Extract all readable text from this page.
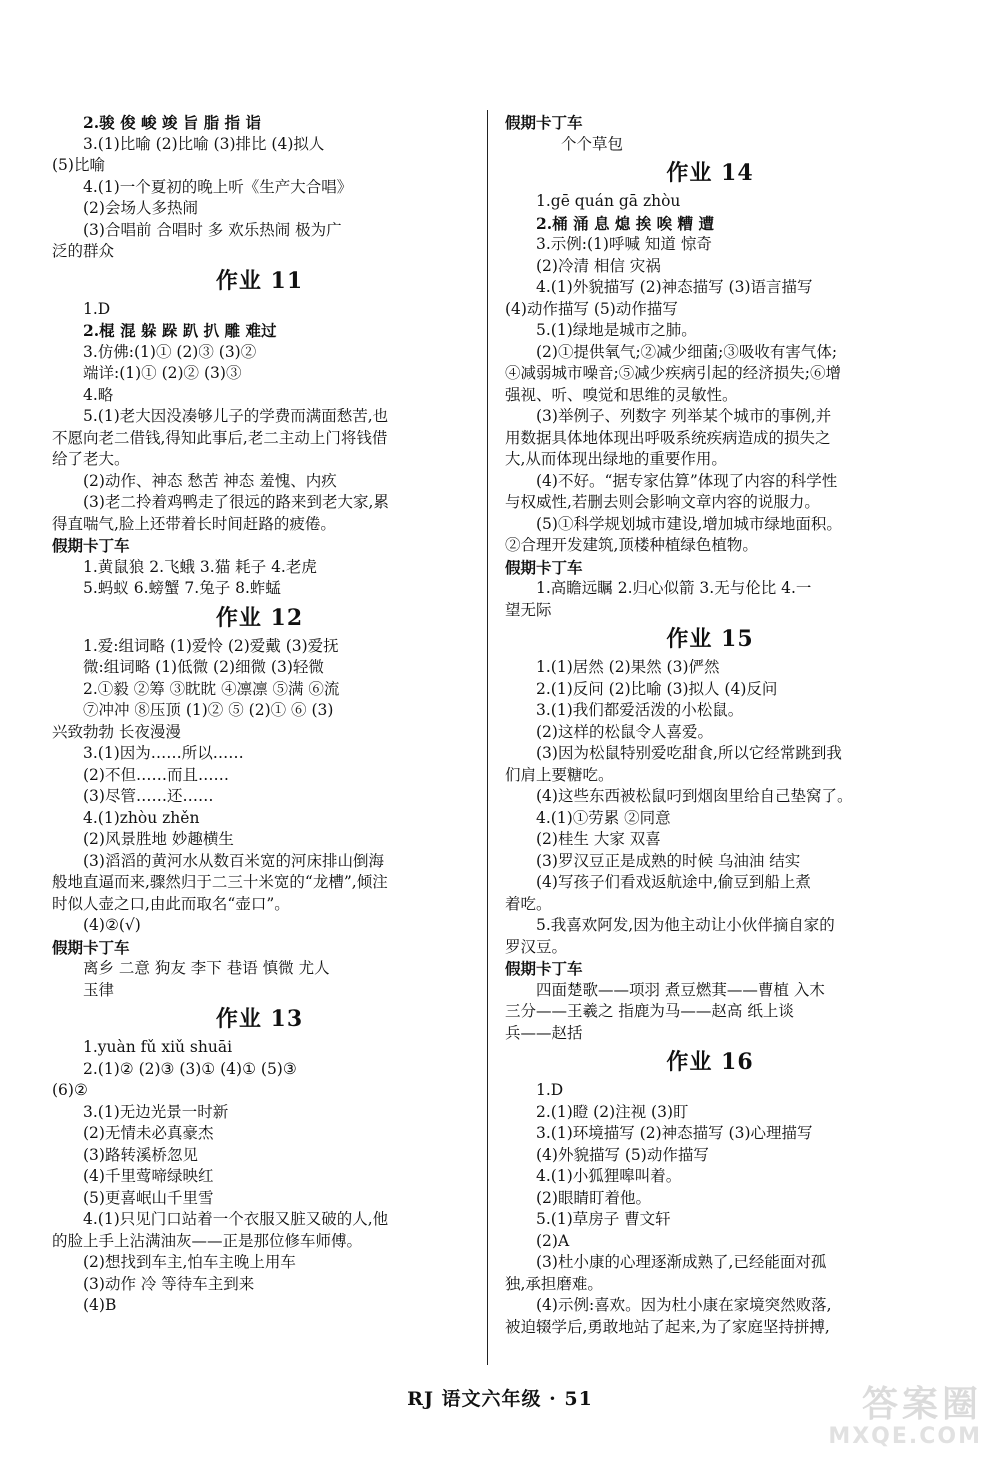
2.骏 俊 峻 竣 旨 脂 指 诣
3.(1)比喻 (2)比喻 (3)排比 (4)拟人
(5)比喻
4.(1)一个夏初的晚上听《生产大合唱》
(2)会场人多热闹
(3)合唱前 合唱时 多 欢乐热闹 极为广
泛的群众
作业 11
1.D
2.棍 混 躲 跺 趴 扒 雕 难过
3.仿佛:(1)① (2)③ (3)②
端详:(1)① (2)② (3)③
4.略
5.(1)老大因没凑够儿子的学费而满面愁苦,也
不愿向老二借钱,得知此事后,老二主动上门将钱借
给了老大。
(2)动作、神态 愁苦 神态 羞愧、内疚
(3)老二拎着鸡鸭走了很远的路来到老大家,累
得直喘气,脸上还带着长时间赶路的疲倦。
假期卡丁车
1.黄鼠狼 2.飞蛾 3.猫 耗子 4.老虎
5.蚂蚁 6.螃蟹 7.兔子 8.蚱蜢
作业 12
1.爱:组词略 (1)爱怜 (2)爱戴 (3)爱抚
微:组词略 (1)低微 (2)细微 (3)轻微
2.①毅 ②筹 ③眈眈 ④凛凛 ⑤满 ⑥流
⑦冲冲 ⑧压顶 (1)② ⑤ (2)① ⑥ (3)
兴致勃勃 长夜漫漫
3.(1)因为……所以……
(2)不但……而且……
(3)尽管……还……
4.(1)zhòu zhěn
(2)风景胜地 妙趣横生
(3)滔滔的黄河水从数百米宽的河床排山倒海
般地直逼而来,骤然归于二三十米宽的“龙槽”,倾注
时似人壶之口,由此而取名“壶口”。
(4)②(√)
假期卡丁车
离乡 二意 狗友 李下 巷语 慎微 尤人
玉律
作业 13
1.yuàn fǔ xiǔ shuāi
2.(1)② (2)③ (3)① (4)① (5)③
(6)②
3.(1)无边光景一时新
(2)无情未必真豪杰
(3)路转溪桥忽见
(4)千里莺啼绿映红
(5)更喜岷山千里雪
4.(1)只见门口站着一个衣服又脏又破的人,他
的脸上手上沾满油灰——正是那位修车师傅。
(2)想找到车主,怕车主晚上用车
(3)动作 冷 等待车主到来
(4)B
假期卡丁车
个个草包
作业 14
1.gē quán gā zhòu
2.桶 涌 息 熄 挨 唉 糟 遭
3.示例:(1)呼喊 知道 惊奇
(2)冷清 相信 灾祸
4.(1)外貌描写 (2)神态描写 (3)语言描写
(4)动作描写 (5)动作描写
5.(1)绿地是城市之肺。
(2)①提供氧气;②减少细菌;③吸收有害气体;
④减弱城市噪音;⑤减少疾病引起的经济损失;⑥增
强视、听、嗅觉和思维的灵敏性。
(3)举例子、列数字 列举某个城市的事例,并
用数据具体地体现出呼吸系统疾病造成的损失之
大,从而体现出绿地的重要作用。
(4)不好。“据专家估算”体现了内容的科学性
与权威性,若删去则会影响文章内容的说服力。
(5)①科学规划城市建设,增加城市绿地面积。
②合理开发建筑,顶楼种植绿色植物。
假期卡丁车
1.高瞻远瞩 2.归心似箭 3.无与伦比 4.一
望无际
作业 15
1.(1)居然 (2)果然 (3)俨然
2.(1)反问 (2)比喻 (3)拟人 (4)反问
3.(1)我们都爱活泼的小松鼠。
(2)这样的松鼠令人喜爱。
(3)因为松鼠特别爱吃甜食,所以它经常跳到我
们肩上要糖吃。
(4)这些东西被松鼠叼到烟囱里给自己垫窝了。
4.(1)①劳累 ②同意
(2)桂生 大家 双喜
(3)罗汉豆正是成熟的时候 乌油油 结实
(4)写孩子们看戏返航途中,偷豆到船上煮
着吃。
5.我喜欢阿发,因为他主动让小伙伴摘自家的
罗汉豆。
假期卡丁车
四面楚歌——项羽 煮豆燃萁——曹植 入木
三分——王羲之 指鹿为马——赵高 纸上谈
兵——赵括
作业 16
1.D
2.(1)瞪 (2)注视 (3)盯
3.(1)环境描写 (2)神态描写 (3)心理描写
(4)外貌描写 (5)动作描写
4.(1)小狐狸嗥叫着。
(2)眼睛盯着他。
5.(1)草房子 曹文轩
(2)A
(3)杜小康的心理逐渐成熟了,已经能面对孤
独,承担磨难。
(4)示例:喜欢。因为杜小康在家境突然败落,
被迫辍学后,勇敢地站了起来,为了家庭坚持拼搏,
RJ 语文六年级 · 51	答案圈
MXQE.COM
